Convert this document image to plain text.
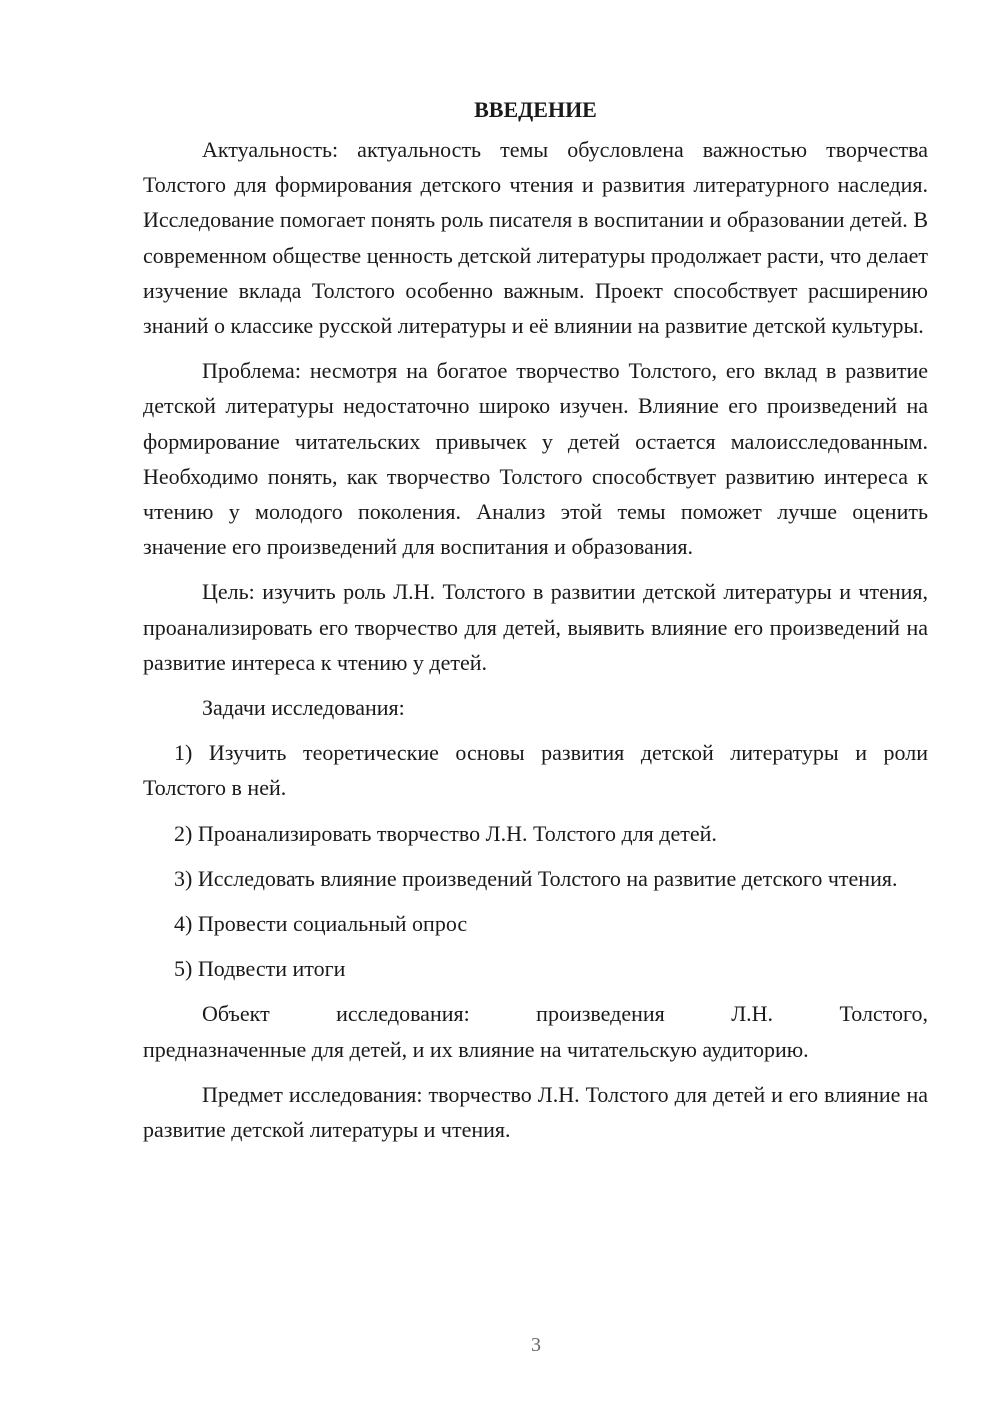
ВВЕДЕНИЕ

Актуальность: актуальность темы обусловлена важностью творчества Толстого для формирования детского чтения и развития литературного наследия. Исследование помогает понять роль писателя в воспитании и образовании детей. В современном обществе ценность детской литературы продолжает расти, что делает изучение вклада Толстого особенно важным. Проект способствует расширению знаний о классике русской литературы и её влиянии на развитие детской культуры.

Проблема: несмотря на богатое творчество Толстого, его вклад в развитие детской литературы недостаточно широко изучен. Влияние его произведений на формирование читательских привычек у детей остается малоисследованным. Необходимо понять, как творчество Толстого способствует развитию интереса к чтению у молодого поколения. Анализ этой темы поможет лучше оценить значение его произведений для воспитания и образования.

Цель: изучить роль Л.Н. Толстого в развитии детской литературы и чтения, проанализировать его творчество для детей, выявить влияние его произведений на развитие интереса к чтению у детей.

Задачи исследования:

1) Изучить теоретические основы развития детской литературы и роли Толстого в ней.

2) Проанализировать творчество Л.Н. Толстого для детей.

3) Исследовать влияние произведений Толстого на развитие детского чтения.

4) Провести социальный опрос

5) Подвести итоги

Объект исследования: произведения Л.Н. Толстого,
предназначенные для детей, и их влияние на читательскую аудиторию.

Предмет исследования: творчество Л.Н. Толстого для детей и его влияние на развитие детской литературы и чтения.

3
